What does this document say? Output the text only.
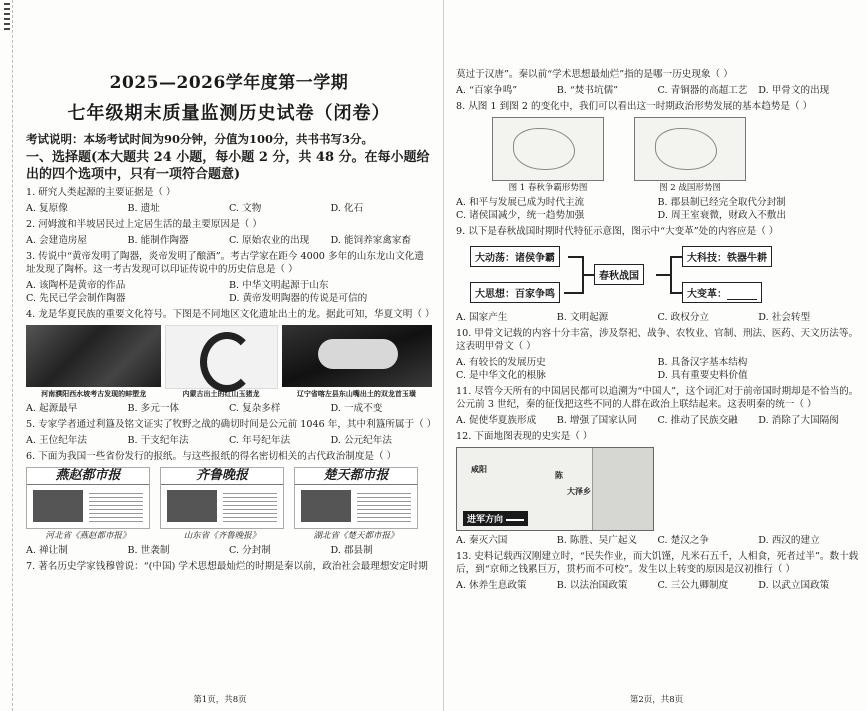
2025—2026学年度第一学期
七年级期末质量监测历史试卷（闭卷）
考试说明：本场考试时间为90分钟，分值为100分，共书书写3分。
一、选择题(本大题共 24 小题，每小题 2 分，共 48 分。在每小题给出的四个选项中，只有一项符合题意)
1. 研究人类起源的主要证据是（ ）
A. 复原像	B. 遗址	C. 文物	D. 化石
2. 河姆渡和半坡居民过上定居生活的最主要原因是（ ）
A. 会建造房屋	B. 能制作陶器	C. 原始农业的出现	D. 能饲养家禽家畜
3. 传说中“黄帝发明了陶器，炎帝发明了酿酒”。考古学家在距今 4000 多年的山东龙山文化遗址发现了陶杯。这一考古发现可以印证传说中的历史信息是（ ）
A. 该陶杯是黄帝的作品	B. 中华文明起源于山东
C. 先民已学会制作陶器	D. 黄帝发明陶器的传说是可信的
4. 龙是华夏民族的重要文化符号。下图是不同地区文化遗址出土的龙。据此可知，华夏文明（ ）
河南濮阳西水坡考古发现的蚌塑龙	内蒙古出土的红山玉猪龙	辽宁省喀左县东山嘴出土的双龙首玉璜
A. 起源最早	B. 多元一体	C. 复杂多样	D. 一成不变
5. 专家学者通过利簋及铭文证实了牧野之战的确切时间是公元前 1046 年，其中利簋所属于（ ）
A. 王位纪年法	B. 干支纪年法	C. 年号纪年法	D. 公元纪年法
6. 下面为我国一些省份发行的报纸。与这些报纸的得名密切相关的古代政治制度是（ ）
燕赵都市报	齐鲁晚报	楚天都市报
河北省《燕赵都市报》	山东省《齐鲁晚报》	湖北省《楚天都市报》
A. 禅让制	B. 世袭制	C. 分封制	D. 郡县制
7. 著名历史学家钱穆曾说：“(中国) 学术思想最灿烂的时期是秦以前，政治社会最理想安定时期
第1页，共8页
莫过于汉唐”。秦以前“学术思想最灿烂”指的是哪一历史现象（ ）
A. “百家争鸣”	B. “焚书坑儒”	C. 青铜器的高超工艺	D. 甲骨文的出现
8. 从图 1 到图 2 的变化中，我们可以看出这一时期政治形势发展的基本趋势是（ ）
图 1 春秋争霸形势图	图 2 战国形势图
A. 和平与发展已成为时代主流	B. 郡县制已经完全取代分封制
C. 诸侯国减少，统一趋势加强	D. 周王室衰微，财政入不敷出
9. 以下是春秋战国时期时代特征示意图，图示中“大变革”处的内容应是（ ）
大动荡：诸侯争霸
大思想：百家争鸣
春秋战国
大科技：铁器牛耕
大变革：
A. 国家产生	B. 文明起源	C. 政权分立	D. 社会转型
10. 甲骨文记载的内容十分丰富，涉及祭祀、战争、农牧业、官制、刑法、医药、天文历法等。这表明甲骨文（ ）
A. 有较长的发展历史	B. 具备汉字基本结构
C. 是中华文化的根脉	D. 具有重要史料价值
11. 尽管今天所有的中国居民都可以追溯为“中国人”，这个词汇对于前帝国时期却是不恰当的。公元前 3 世纪，秦的征伐把这些不同的人群在政治上联结起来。这表明秦的统一（ ）
A. 促使华夏族形成	B. 增强了国家认同	C. 推动了民族交融	D. 消除了大国隔阂
12. 下面地图表现的史实是（ ）
咸阳
陈
大泽乡
进军方向
A. 秦灭六国	B. 陈胜、吴广起义	C. 楚汉之争	D. 西汉的建立
13. 史料记载西汉刚建立时，“民失作业，而大饥馑，凡米石五千，人相食，死者过半”。数十载后，到“京师之钱累巨万，贯朽而不可校”。发生以上转变的原因是汉初推行（ ）
A. 休养生息政策	B. 以法治国政策	C. 三公九卿制度	D. 以武立国政策
第2页，共8页
